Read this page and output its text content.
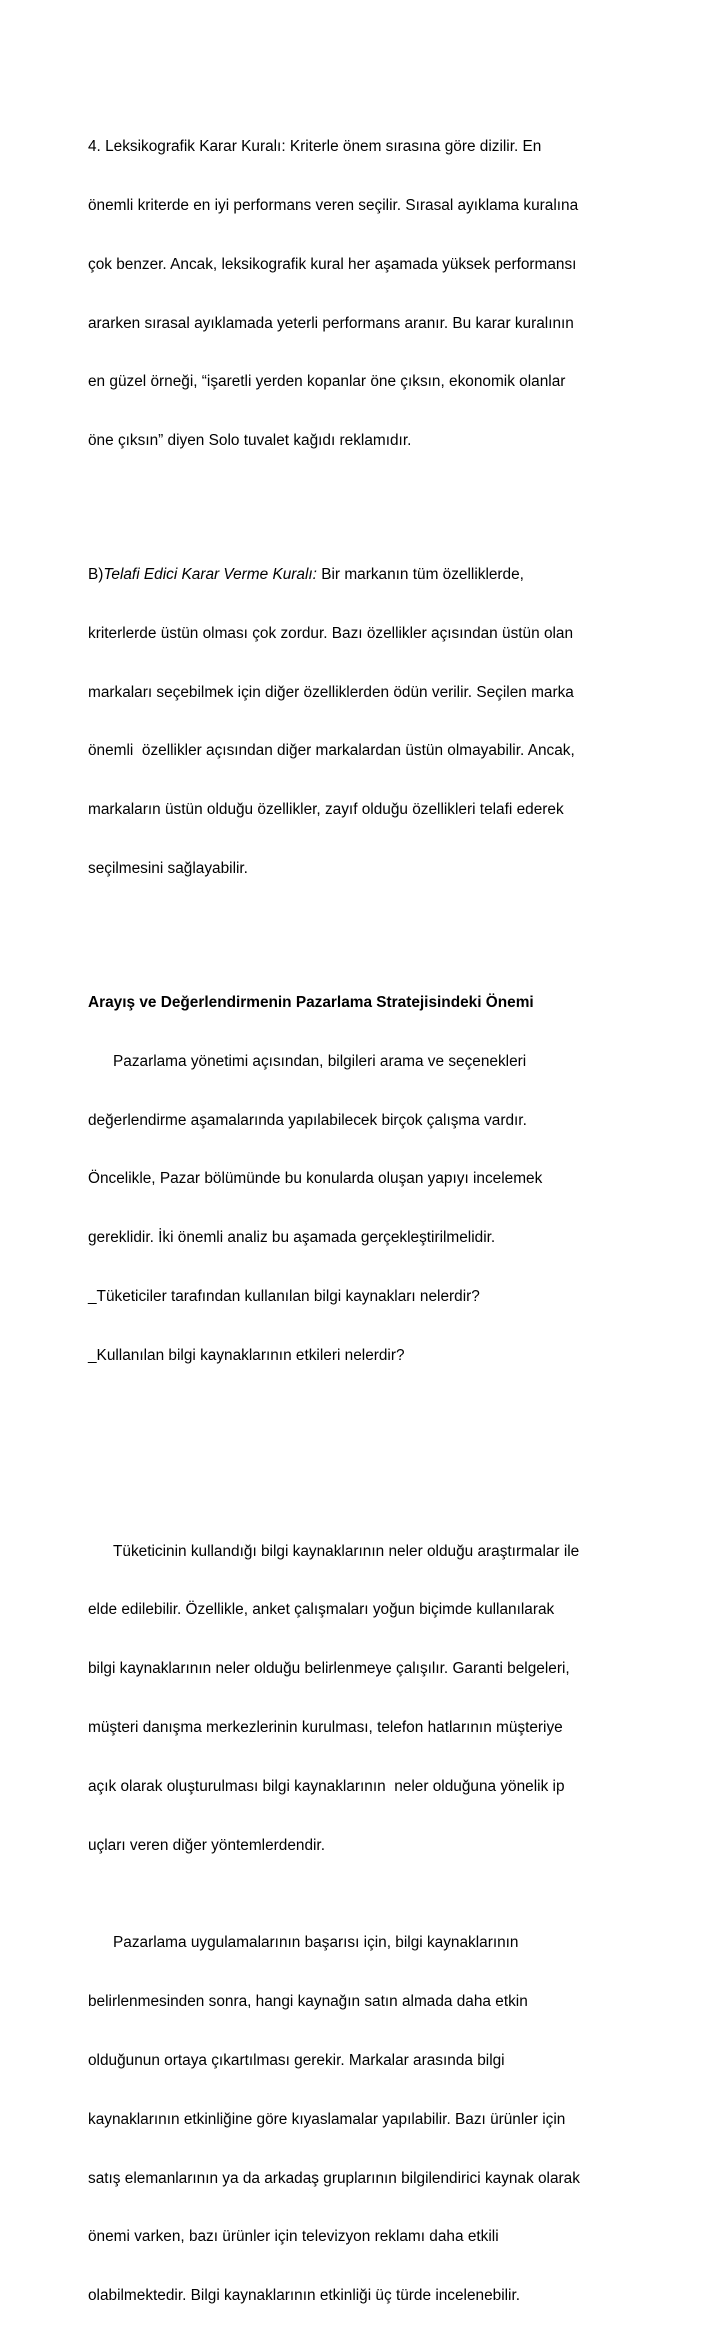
4. Leksikografik Karar Kuralı: Kriterle önem sırasına göre dizilir. En

önemli kriterde en iyi performans veren seçilir. Sırasal ayıklama kuralına

çok benzer. Ancak, leksikografik kural her aşamada yüksek performansı

ararken sırasal ayıklamada yeterli performans aranır. Bu karar kuralının

en güzel örneği, “işaretli yerden kopanlar öne çıksın, ekonomik olanlar

öne çıksın” diyen Solo tuvalet kağıdı reklamıdır.

B)Telafi Edici Karar Verme Kuralı: Bir markanın tüm özelliklerde,

kriterlerde üstün olması çok zordur. Bazı özellikler açısından üstün olan

markaları seçebilmek için diğer özelliklerden ödün verilir. Seçilen marka

önemli  özellikler açısından diğer markalardan üstün olmayabilir. Ancak,

markaların üstün olduğu özellikler, zayıf olduğu özellikleri telafi ederek

seçilmesini sağlayabilir.

Arayış ve Değerlendirmenin Pazarlama Stratejisindeki Önemi

Pazarlama yönetimi açısından, bilgileri arama ve seçenekleri

değerlendirme aşamalarında yapılabilecek birçok çalışma vardır.

Öncelikle, Pazar bölümünde bu konularda oluşan yapıyı incelemek

gereklidir. İki önemli analiz bu aşamada gerçekleştirilmelidir.

_Tüketiciler tarafından kullanılan bilgi kaynakları nelerdir?

_Kullanılan bilgi kaynaklarının etkileri nelerdir?

Tüketicinin kullandığı bilgi kaynaklarının neler olduğu araştırmalar ile

elde edilebilir. Özellikle, anket çalışmaları yoğun biçimde kullanılarak

bilgi kaynaklarının neler olduğu belirlenmeye çalışılır. Garanti belgeleri,

müşteri danışma merkezlerinin kurulması, telefon hatlarının müşteriye

açık olarak oluşturulması bilgi kaynaklarının  neler olduğuna yönelik ip

uçları veren diğer yöntemlerdendir.

Pazarlama uygulamalarının başarısı için, bilgi kaynaklarının

belirlenmesinden sonra, hangi kaynağın satın almada daha etkin

olduğunun ortaya çıkartılması gerekir. Markalar arasında bilgi

kaynaklarının etkinliğine göre kıyaslamalar yapılabilir. Bazı ürünler için

satış elemanlarının ya da arkadaş gruplarının bilgilendirici kaynak olarak

önemi varken, bazı ürünler için televizyon reklamı daha etkili

olabilmektedir. Bilgi kaynaklarının etkinliği üç türde incelenebilir.
